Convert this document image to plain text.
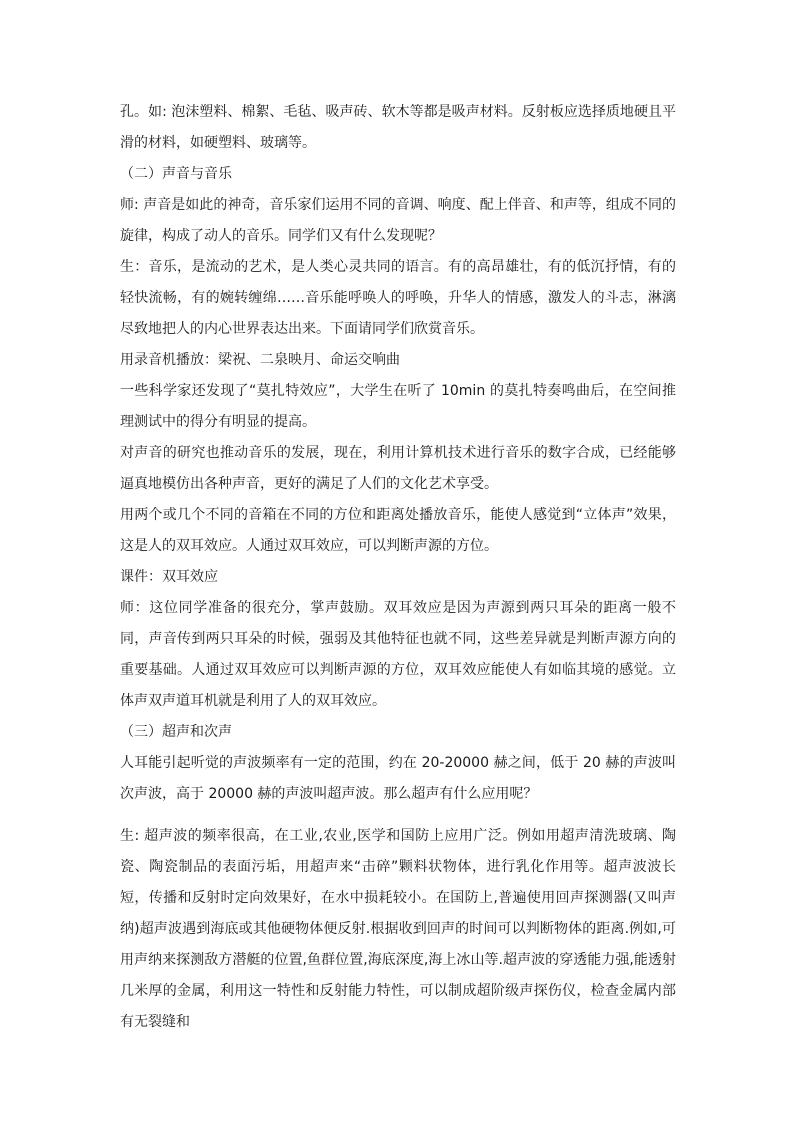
孔。如: 泡沫塑料、棉絮、毛毡、吸声砖、软木等都是吸声材料。反射板应选择质地硬且平滑的材料，如硬塑料、玻璃等。

（二）声音与音乐

师: 声音是如此的神奇，音乐家们运用不同的音调、响度、配上伴音、和声等，组成不同的旋律，构成了动人的音乐。同学们又有什么发现呢？

生：音乐，是流动的艺术，是人类心灵共同的语言。有的高昂雄壮，有的低沉抒情，有的轻快流畅，有的婉转缠绵……音乐能呼唤人的呼唤，升华人的情感，激发人的斗志，淋漓尽致地把人的内心世界表达出来。下面请同学们欣赏音乐。

用录音机播放：梁祝、二泉映月、命运交响曲

一些科学家还发现了“莫扎特效应”，大学生在听了 10min 的莫扎特奏鸣曲后，在空间推理测试中的得分有明显的提高。

对声音的研究也推动音乐的发展，现在，利用计算机技术进行音乐的数字合成，已经能够逼真地模仿出各种声音，更好的满足了人们的文化艺术享受。

用两个或几个不同的音箱在不同的方位和距离处播放音乐，能使人感觉到“立体声”效果，这是人的双耳效应。人通过双耳效应，可以判断声源的方位。

课件：双耳效应

师：这位同学准备的很充分，掌声鼓励。双耳效应是因为声源到两只耳朵的距离一般不同，声音传到两只耳朵的时候，强弱及其他特征也就不同，这些差异就是判断声源方向的重要基础。人通过双耳效应可以判断声源的方位，双耳效应能使人有如临其境的感觉。立体声双声道耳机就是利用了人的双耳效应。

（三）超声和次声

人耳能引起听觉的声波频率有一定的范围，约在 20-20000 赫之间，低于 20 赫的声波叫次声波，高于 20000 赫的声波叫超声波。那么超声有什么应用呢？

生: 超声波的频率很高，在工业,农业,医学和国防上应用广泛。例如用超声清洗玻璃、陶瓷、陶瓷制品的表面污垢，用超声来“击碎”颗料状物体，进行乳化作用等。超声波波长短，传播和反射时定向效果好，在水中损耗较小。在国防上,普遍使用回声探测器(又叫声纳)超声波遇到海底或其他硬物体便反射.根据收到回声的时间可以判断物体的距离.例如,可用声纳来探测敌方潜艇的位置,鱼群位置,海底深度,海上冰山等.超声波的穿透能力强,能透射几米厚的金属，利用这一特性和反射能力特性，可以制成超阶级声探伤仪，检查金属内部有无裂缝和
